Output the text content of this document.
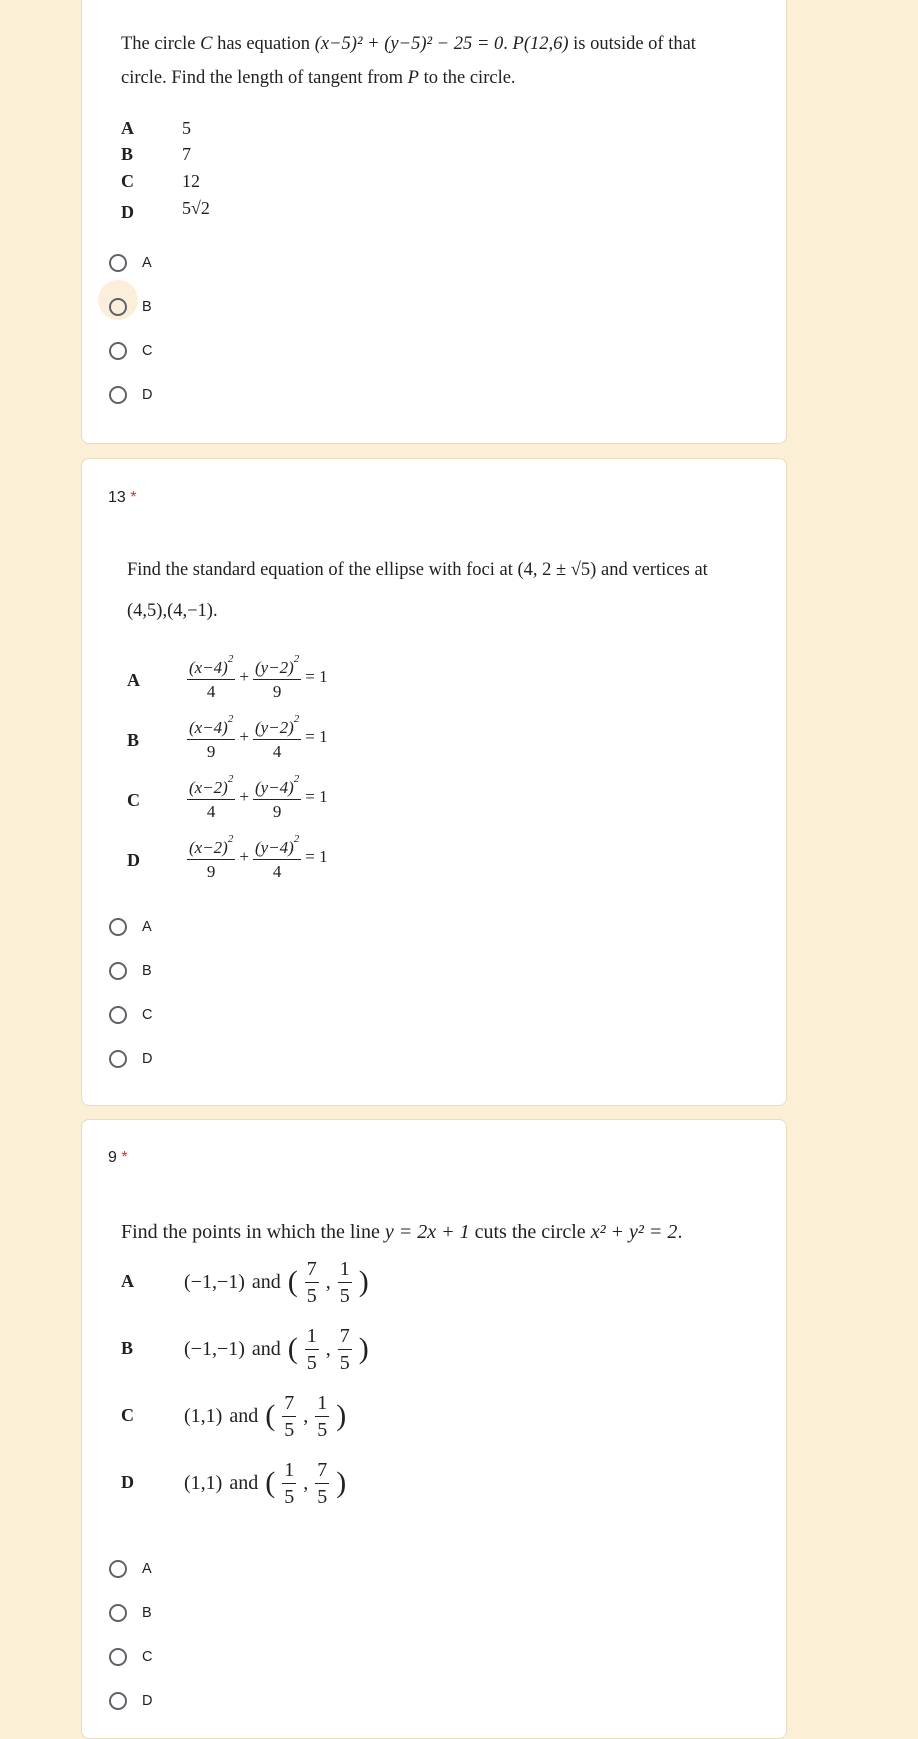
The circle C has equation (x−5)² + (y−5)² − 25 = 0. P(12,6) is outside of that
circle. Find the length of tangent from P to the circle.
A	5
B	7
C	12
D	5√2
A
B
C
D
13 *
Find the standard equation of the ellipse with foci at (4, 2 ± √5) and vertices at
(4,5),(4,−1).
A	$\frac{(x-4)^2}{4} + \frac{(y-2)^2}{9} = 1$
B	$\frac{(x-4)^2}{9} + \frac{(y-2)^2}{4} = 1$
C	$\frac{(x-2)^2}{4} + \frac{(y-4)^2}{9} = 1$
D	$\frac{(x-2)^2}{9} + \frac{(y-4)^2}{4} = 1$
A
B
C
D
9 *
Find the points in which the line y = 2x + 1 cuts the circle x² + y² = 2.
A	(−1,−1) and ( $\frac{7}{5}$ , $\frac{1}{5}$ )
B	(−1,−1) and ( $\frac{1}{5}$ , $\frac{7}{5}$ )
C	(1,1) and ( $\frac{7}{5}$ , $\frac{1}{5}$ )
D	(1,1) and ( $\frac{1}{5}$ , $\frac{7}{5}$ )
A
B
C
D
